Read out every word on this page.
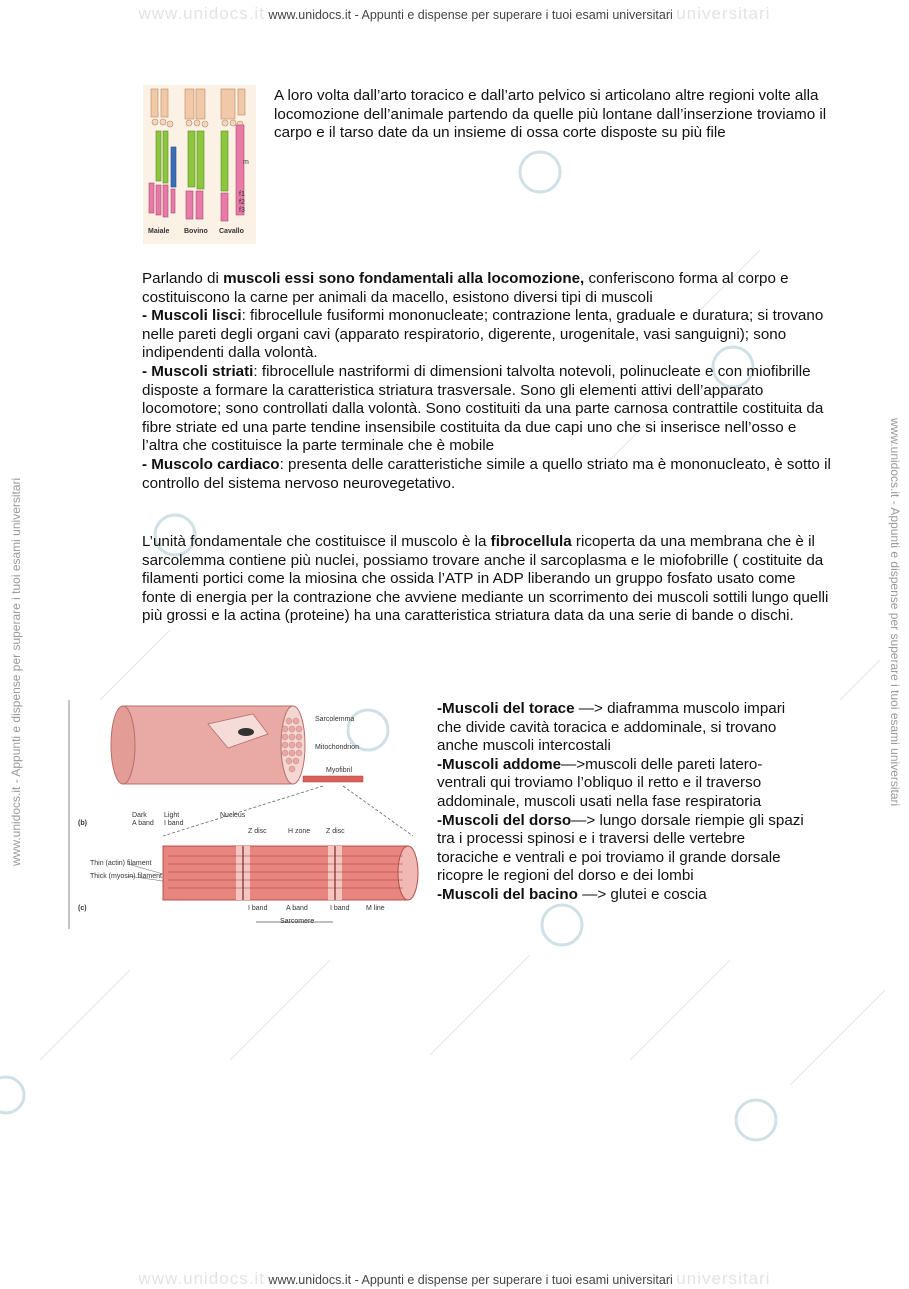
www.unidocs.it www.unidocs.it - Appunti e dispense per superare i tuoi esami universitari universitari
www.unidocs.it - Appunti e dispense per superare i tuoi esami universitari	www.unidocs.it - Appunti e dispense per superare i tuoi esami universitari
Maiale Bovino Cavallo
m
f1
f2
f3

A loro volta dall’arto toracico e dall’arto pelvico si articolano altre regioni volte alla locomozione dell’animale partendo da quelle più lontane dall’inserzione troviamo il carpo e il tarso date da un insieme di ossa corte disposte su più file

Parlando di muscoli essi sono fondamentali alla locomozione, conferiscono forma al corpo e costituiscono la carne per animali da macello, esistono diversi tipi di muscoli
- Muscoli lisci: fibrocellule fusiformi mononucleate; contrazione lenta, graduale e duratura; si trovano nelle pareti degli organi cavi (apparato respiratorio, digerente, urogenitale, vasi sanguigni); sono indipendenti dalla volontà.
- Muscoli striati: fibrocellule nastriformi di dimensioni talvolta notevoli, polinucleate e con miofibrille disposte a formare la caratteristica striatura trasversale. Sono gli elementi attivi dell’apparato locomotore; sono controllati dalla volontà. Sono costituiti da una parte carnosa contrattile costituita da fibre striate ed una parte tendine insensibile costituita da due capi uno che si inserisce nell’osso e l’altra che costituisce la parte terminale che è mobile
- Muscolo cardiaco: presenta delle caratteristiche simile a quello striato ma è mononucleato, è sotto il controllo del sistema nervoso neurovegetativo.

L’unità fondamentale che costituisce il muscolo è la fibrocellula ricoperta da una membrana che è il sarcolemma contiene più nuclei, possiamo trovare anche il sarcoplasma e le miofobrille ( costituite da filamenti portici come la miosina che ossida l’ATP in ADP liberando un gruppo fosfato usato come fonte di energia per la contrazione che avviene mediante un scorrimento dei muscoli sottili lungo quelli più grossi e la actina (proteine) ha una caratteristica striatura data da una serie di bande o dischi.

Sarcolemma
Mitochondrion
Myofibril
Dark
A band
Light
I band
Nucleus
(b)
Z disc	H zone Z disc
Thin (actin) filament
Thick (myosin) filament
(c)	I band	A band	I band M line
Sarcomere

-Muscoli del torace —> diaframma muscolo impari che divide cavità toracica e addominale, si trovano anche muscoli intercostali
-Muscoli addome—>muscoli delle pareti latero-ventrali qui troviamo l’obliquo il retto e il traverso addominale, muscoli usati nella fase respiratoria
-Muscoli del dorso—> lungo dorsale riempie gli spazi tra i processi spinosi e i traversi delle vertebre toraciche e ventrali e poi troviamo il grande dorsale ricopre le regioni del dorso e dei lombi
-Muscoli del bacino —> glutei e coscia

www.unidocs.it www.unidocs.it - Appunti e dispense per superare i tuoi esami universitari universitari
